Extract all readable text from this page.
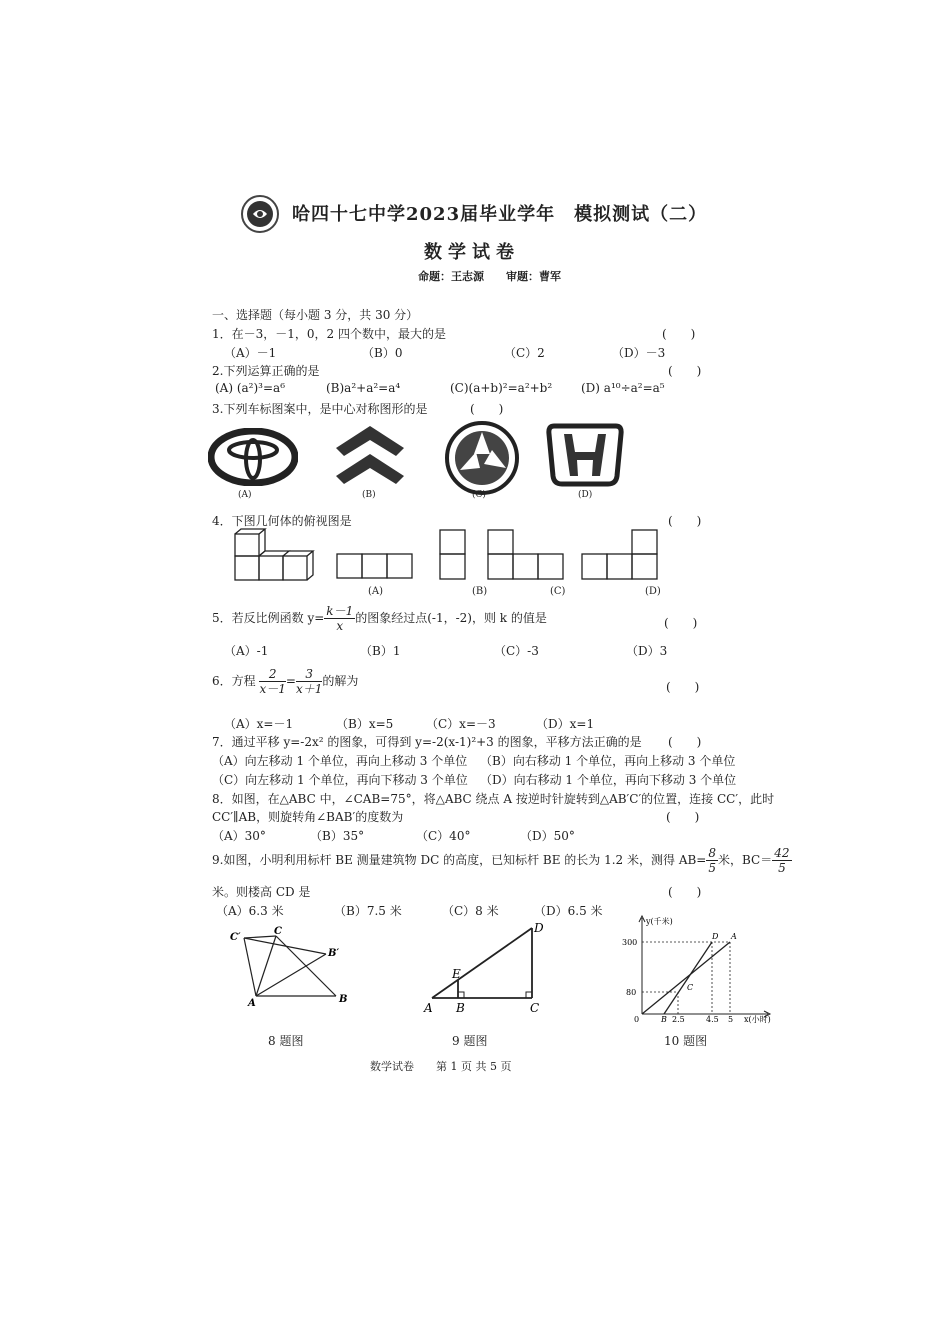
哈四十七中学2023届毕业学年　模拟测试（二）
数学试卷
命题：王志源　　审题：曹军
一、选择题（每小题 3 分，共 30 分）
1．在－3，－1，0，2 四个数中，最大的是	(　　)
（A）－1	（B）0	（C）2	（D）－3
2.下列运算正确的是	(　　)
(A) (a²)³=a⁶	(B)a²+a²=a⁴	(C)(a+b)²=a²+b² (D) a¹⁰÷a²=a⁵
3.下列车标图案中，是中心对称图形的是	(　　)
(A)	(B)	(C)	(D)
4．下图几何体的俯视图是	(　　)
(A)	(B)	(C)	(D)
5．若反比例函数 $y= \frac{k-1}{x}$ 的图象经过点(-1，-2)，则 k 的值是	(　　)
（A）-1	（B）1	（C）-3	（D）3
6．方程 $\frac{2}{x-1} = \frac{3}{x+1}$ 的解为	(　　)
（A）x=－1	（B）x=5	（C）x=－3	（D）x=1
7．通过平移 y=-2x² 的图象，可得到 y=-2(x-1)²+3 的图象，平移方法正确的是 (　　)
（A）向左移动 1 个单位，再向上移动 3 个单位 （B）向右移动 1 个单位，再向上移动 3 个单位
（C）向左移动 1 个单位，再向下移动 3 个单位 （D）向右移动 1 个单位，再向下移动 3 个单位
8．如图，在△ABC 中，∠CAB=75°，将△ABC 绕点 A 按逆时针旋转到△AB′C′的位置，连接 CC′，此时
CC′∥AB，则旋转角∠BAB′的度数为	(　　)
（A）30°	（B）35°	（C）40°	（D）50°
9.如图，小明利用标杆 BE 测量建筑物 DC 的高度，已知标杆 BE 的长为 1.2 米，测得 $AB= \frac{8}{5}$ 米，$BC= \frac{42}{5}$
米。则楼高 CD 是	(　　)
（A）6.3 米	（B）7.5 米	（C）8 米	（D）6.5 米
C′
C
B′
A	B
8 题图
D
E
A B	C
9 题图
y(千米)
x(小时)
300
80
0	B 2.5	4.5 5
D A
C
10 题图
数学试卷　　第 1 页 共 5 页
